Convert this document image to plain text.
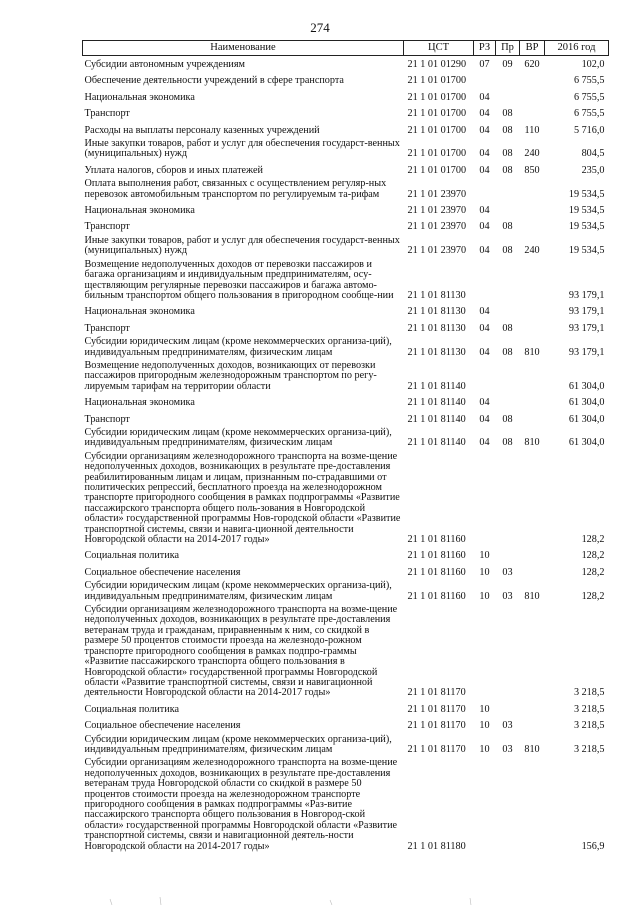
274
Наименование	ЦСТ	РЗ	Пр	ВР	2016 год
Субсидии автономным учреждениям	21 1 01 01290	07	09	620	102,0
Обеспечение деятельности учреждений в сфере транспорта	21 1 01 01700				6 755,5
Национальная экономика	21 1 01 01700	04			6 755,5
Транспорт	21 1 01 01700	04	08		6 755,5
Расходы на выплаты персоналу казенных учреждений	21 1 01 01700	04	08	110	5 716,0
Иные закупки товаров, работ и услуг для обеспечения государст-венных (муниципальных) нужд	21 1 01 01700	04	08	240	804,5
Уплата налогов, сборов и иных платежей	21 1 01 01700	04	08	850	235,0
Оплата выполнения работ, связанных с осуществлением регуляр-ных перевозок автомобильным транспортом по регулируемым та-рифам	21 1 01 23970				19 534,5
Национальная экономика	21 1 01 23970	04			19 534,5
Транспорт	21 1 01 23970	04	08		19 534,5
Иные закупки товаров, работ и услуг для обеспечения государст-венных (муниципальных) нужд	21 1 01 23970	04	08	240	19 534,5
Возмещение недополученных доходов от перевозки пассажиров и багажа организациям и индивидуальным предпринимателям, осу-ществляющим регулярные перевозки пассажиров и багажа автомо-бильным транспортом общего пользования в пригородном сообще-нии	21 1 01 81130				93 179,1
Национальная экономика	21 1 01 81130	04			93 179,1
Транспорт	21 1 01 81130	04	08		93 179,1
Субсидии юридическим лицам (кроме некоммерческих организа-ций), индивидуальным предпринимателям, физическим лицам	21 1 01 81130	04	08	810	93 179,1
Возмещение недополученных доходов, возникающих от перевозки пассажиров пригородным железнодорожным транспортом по регу-лируемым тарифам на территории области	21 1 01 81140				61 304,0
Национальная экономика	21 1 01 81140	04			61 304,0
Транспорт	21 1 01 81140	04	08		61 304,0
Субсидии юридическим лицам (кроме некоммерческих организа-ций), индивидуальным предпринимателям, физическим лицам	21 1 01 81140	04	08	810	61 304,0
Субсидии организациям железнодорожного транспорта на возме-щение недополученных доходов, возникающих в результате пре-доставления реабилитированным лицам и лицам, признанным по-страдавшими от политических репрессий, бесплатного проезда на железнодорожном транспорте пригородного сообщения в рамках подпрограммы «Развитие пассажирского транспорта общего поль-зования в Новгородской области» государственной программы Нов-городской области «Развитие транспортной системы, связи и навига-ционной деятельности Новгородской области на 2014-2017 годы»	21 1 01 81160				128,2
Социальная политика	21 1 01 81160	10			128,2
Социальное обеспечение населения	21 1 01 81160	10	03		128,2
Субсидии юридическим лицам (кроме некоммерческих организа-ций), индивидуальным предпринимателям, физическим лицам	21 1 01 81160	10	03	810	128,2
Субсидии организациям железнодорожного транспорта на возме-щение недополученных доходов, возникающих в результате пре-доставления ветеранам труда и гражданам, приравненным к ним, со скидкой в размере 50 процентов стоимости проезда на железнодо-рожном транспорте пригородного сообщения в рамках подпро-граммы «Развитие пассажирского транспорта общего пользования в Новгородской области» государственной программы Новгородской области «Развитие транспортной системы, связи и навигационной деятельности Новгородской области на 2014-2017 годы»	21 1 01 81170				3 218,5
Социальная политика	21 1 01 81170	10			3 218,5
Социальное обеспечение населения	21 1 01 81170	10	03		3 218,5
Субсидии юридическим лицам (кроме некоммерческих организа-ций), индивидуальным предпринимателям, физическим лицам	21 1 01 81170	10	03	810	3 218,5
Субсидии организациям железнодорожного транспорта на возме-щение недополученных доходов, возникающих в результате пре-доставления ветеранам труда Новгородской области со скидкой в размере 50 процентов стоимости проезда на железнодорожном транспорте пригородного сообщения в рамках подпрограммы «Раз-витие пассажирского транспорта общего пользования в Новгород-ской области» государственной программы Новгородской области «Развитие транспортной системы, связи и навигационной деятель-ности Новгородской области на 2014-2017 годы»	21 1 01 81180				156,9
